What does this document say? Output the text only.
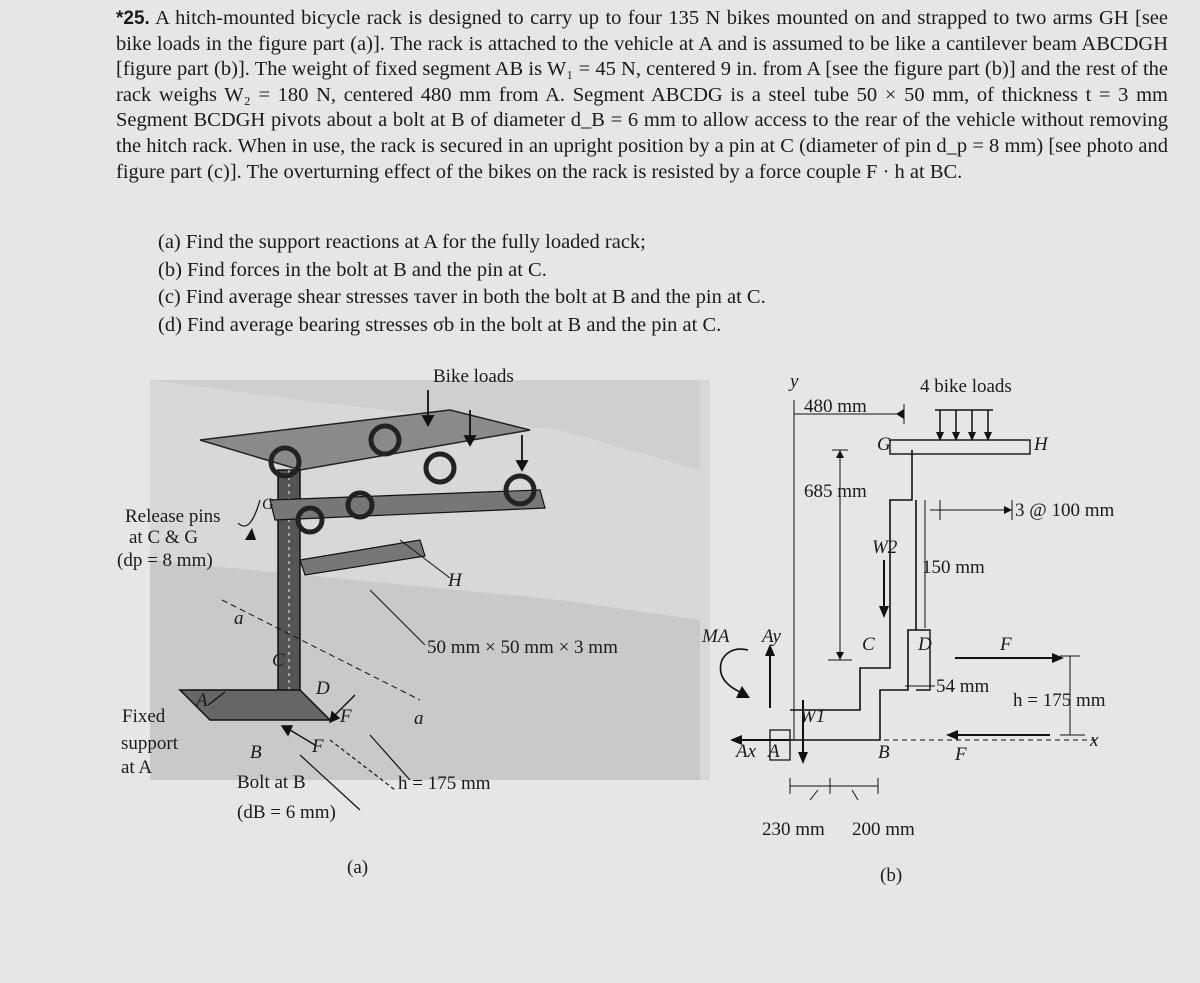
*25. A hitch-mounted bicycle rack is designed to carry up to four 135 N bikes mounted on and strapped to two arms GH [see bike loads in the figure part (a)]. The rack is attached to the vehicle at A and is assumed to be like a cantilever beam ABCDGH [figure part (b)]. The weight of fixed segment AB is W₁ = 45 N, centered 9 in. from A [see the figure part (b)] and the rest of the rack weighs W₂ = 180 N, centered 480 mm from A. Segment ABCDG is a steel tube 50 × 50 mm, of thickness t = 3 mm Segment BCDGH pivots about a bolt at B of diameter d_B = 6 mm to allow access to the rear of the vehicle without removing the hitch rack. When in use, the rack is secured in an upright position by a pin at C (diameter of pin d_p = 8 mm) [see photo and figure part (c)]. The overturning effect of the bikes on the rack is resisted by a force couple F · h at BC.
(a) Find the support reactions at A for the fully loaded rack;
(b) Find forces in the bolt at B and the pin at C.
(c) Find average shear stresses τaver in both the bolt at B and the pin at C.
(d) Find average bearing stresses σb in the bolt at B and the pin at C.
Bike loads
Release pins
at C & G
(dp = 8 mm)
G
H
a
50 mm × 50 mm × 3 mm
C
D
A
F	a
Fixed
support
at A
B	F
Bolt at B
(dB = 6 mm)
h = 175 mm
(a)
y
480 mm
4 bike loads
G	H
685 mm
3 @ 100 mm
W2
150 mm
MA Ay	C D	F
54 mm
h = 175 mm
W1
Ax A	B	F
x
230 mm 200 mm
(b)
